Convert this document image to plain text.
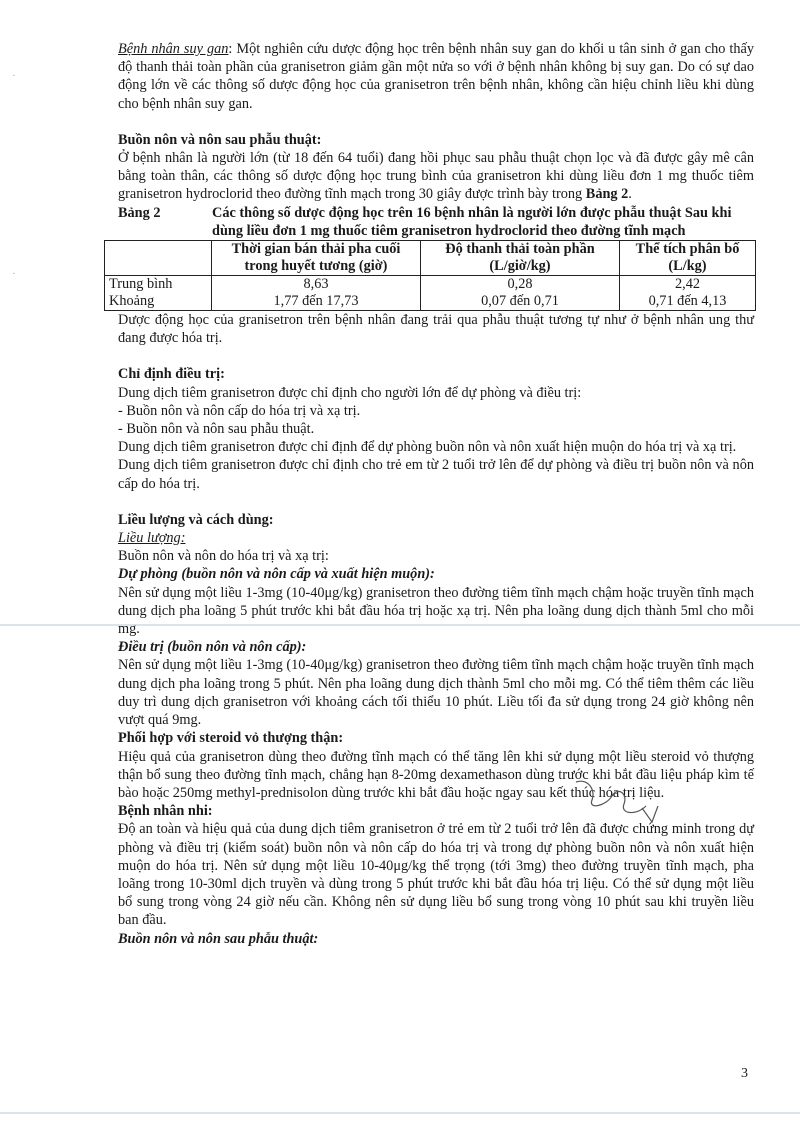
·
·

Bệnh nhân suy gan: Một nghiên cứu dược động học trên bệnh nhân suy gan do khối u tân sinh ở gan cho thấy độ thanh thải toàn phần của granisetron giảm gần một nửa so với ở bệnh nhân không bị suy gan. Do có sự dao động lớn về các thông số dược động học của granisetron trên bệnh nhân, không cần hiệu chỉnh liều khi dùng cho bệnh nhân suy gan.

Buồn nôn và nôn sau phẫu thuật:

Ở bệnh nhân là người lớn (từ 18 đến 64 tuổi) đang hồi phục sau phẫu thuật chọn lọc và đã được gây mê cân bằng toàn thân, các thông số dược động học trung bình của granisetron khi dùng liều đơn 1 mg thuốc tiêm granisetron hydroclorid theo đường tĩnh mạch trong 30 giây được trình bày trong Bảng 2.

Bảng 2	Các thông số dược động học trên 16 bệnh nhân là người lớn được phẫu thuật Sau khi dùng liều đơn 1 mg thuốc tiêm granisetron hydroclorid theo đường tĩnh mạch
	Thời gian bán thải pha cuối trong huyết tương (giờ)	Độ thanh thải toàn phần (L/giờ/kg)	Thể tích phân bố (L/kg)
Trung bình	8,63	0,28	2,42
Khoảng	1,77 đến 17,73	0,07 đến 0,71	0,71 đến 4,13

Dược động học của granisetron trên bệnh nhân đang trải qua phẫu thuật tương tự như ở bệnh nhân ung thư đang được hóa trị.

Chỉ định điều trị:

Dung dịch tiêm granisetron được chỉ định cho người lớn để dự phòng và điều trị:

- Buồn nôn và nôn cấp do hóa trị và xạ trị.

- Buồn nôn và nôn sau phẫu thuật.

Dung dịch tiêm granisetron được chỉ định để dự phòng buồn nôn và nôn xuất hiện muộn do hóa trị và xạ trị.

Dung dịch tiêm granisetron được chỉ định cho trẻ em từ 2 tuổi trở lên để dự phòng và điều trị buồn nôn và nôn cấp do hóa trị.

Liều lượng và cách dùng:

Liều lượng:

Buồn nôn và nôn do hóa trị và xạ trị:

Dự phòng (buồn nôn và nôn cấp và xuất hiện muộn):

Nên sử dụng một liều 1-3mg (10-40μg/kg) granisetron theo đường tiêm tĩnh mạch chậm hoặc truyền tĩnh mạch dung dịch pha loãng 5 phút trước khi bắt đầu hóa trị hoặc xạ trị. Nên pha loãng dung dịch thành 5ml cho mỗi mg.

Điều trị (buồn nôn và nôn cấp):

Nên sử dụng một liều 1-3mg (10-40μg/kg) granisetron theo đường tiêm tĩnh mạch chậm hoặc truyền tĩnh mạch dung dịch pha loãng trong 5 phút. Nên pha loãng dung dịch thành 5ml cho mỗi mg. Có thể tiêm thêm các liều duy trì dung dịch granisetron với khoảng cách tối thiểu 10 phút. Liều tối đa sử dụng trong 24 giờ không nên vượt quá 9mg.

Phối hợp với steroid vỏ thượng thận:

Hiệu quả của granisetron dùng theo đường tĩnh mạch có thể tăng lên khi sử dụng một liều steroid vỏ thượng thận bổ sung theo đường tĩnh mạch, chẳng hạn 8-20mg dexamethason dùng trước khi bắt đầu liệu pháp kìm tế bào hoặc 250mg methyl-prednisolon dùng trước khi bắt đầu hoặc ngay sau kết thúc hóa trị liệu.

Bệnh nhân nhi:

Độ an toàn và hiệu quả của dung dịch tiêm granisetron ở trẻ em từ 2 tuổi trở lên đã được chứng minh trong dự phòng và điều trị (kiểm soát) buồn nôn và nôn cấp do hóa trị và trong dự phòng buồn nôn và nôn xuất hiện muộn do hóa trị. Nên sử dụng một liều 10-40μg/kg thể trọng (tới 3mg) theo đường truyền tĩnh mạch, pha loãng trong 10-30ml dịch truyền và dùng trong 5 phút trước khi bắt đầu hóa trị liệu. Có thể sử dụng một liều bổ sung trong vòng 24 giờ nếu cần. Không nên sử dụng liều bổ sung trong vòng 10 phút sau khi truyền liều ban đầu.

Buồn nôn và nôn sau phẫu thuật:

3
